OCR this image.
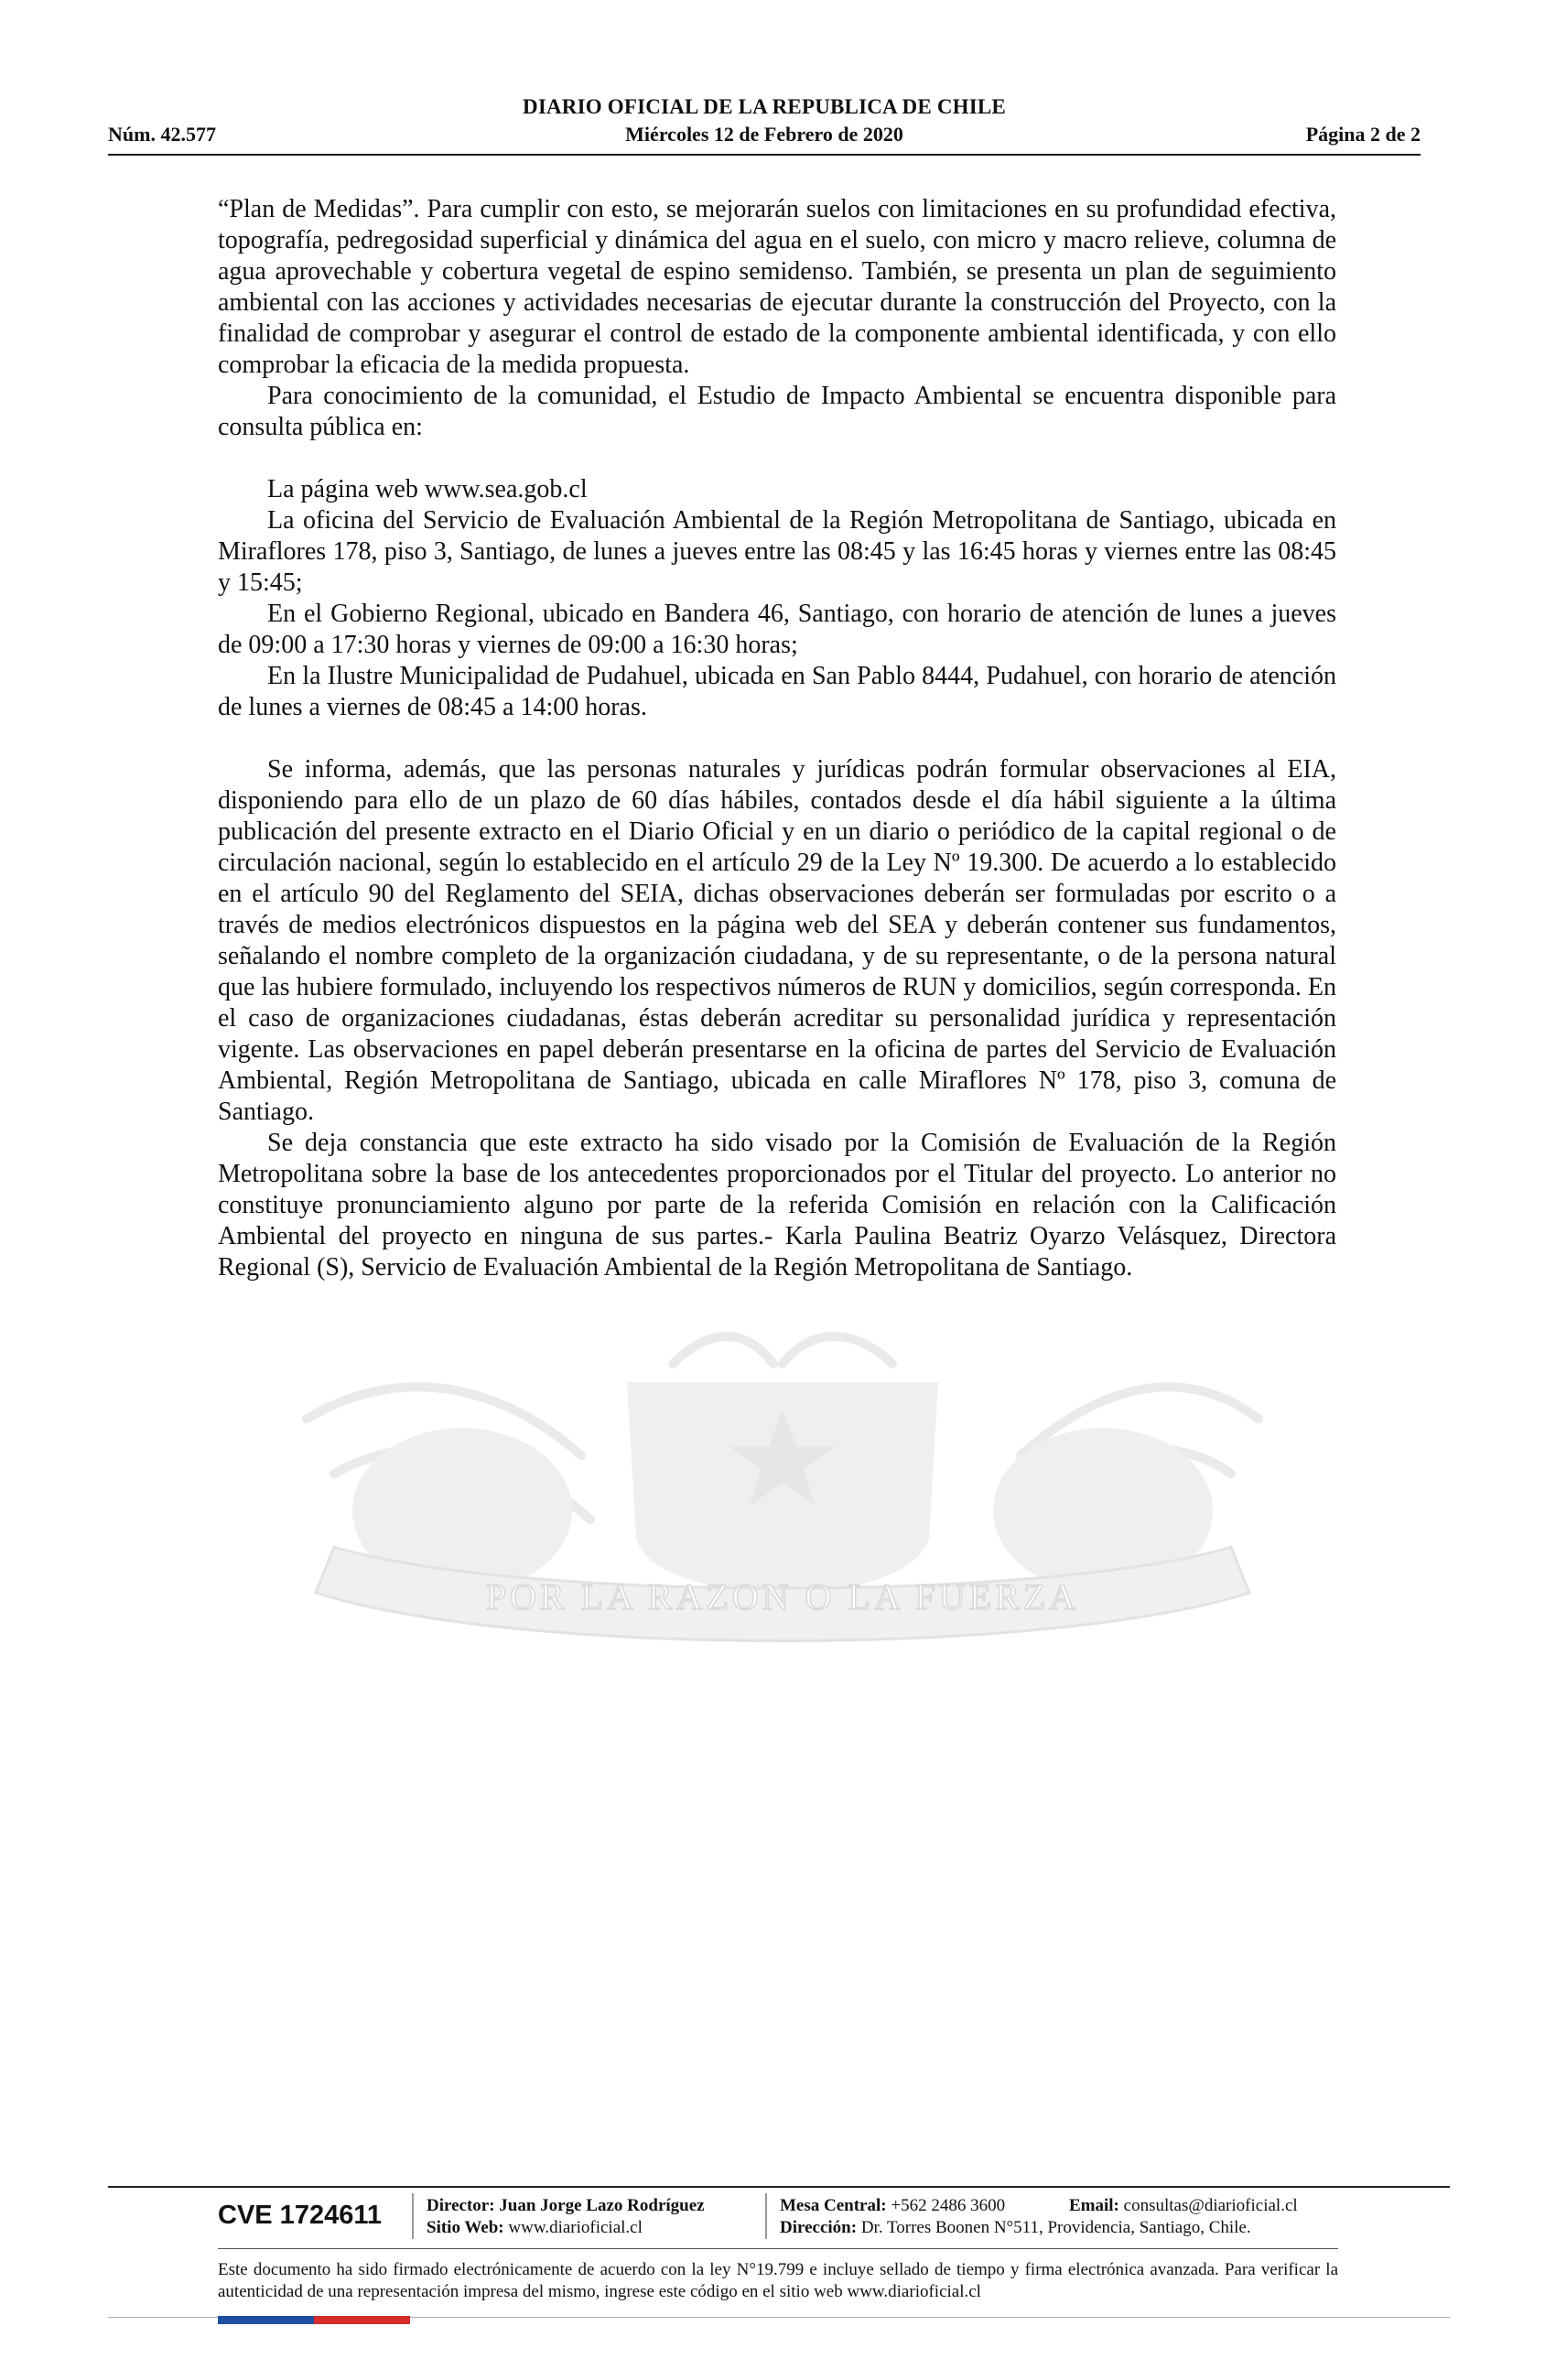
POR LA RAZON O LA FUERZA
DIARIO OFICIAL DE LA REPUBLICA DE CHILE
Núm. 42.577	Miércoles 12 de Febrero de 2020	Página 2 de 2

“Plan de Medidas”. Para cumplir con esto, se mejorarán suelos con limitaciones en su profundidad efectiva, topografía, pedregosidad superficial y dinámica del agua en el suelo, con micro y macro relieve, columna de agua aprovechable y cobertura vegetal de espino semidenso. También, se presenta un plan de seguimiento ambiental con las acciones y actividades necesarias de ejecutar durante la construcción del Proyecto, con la finalidad de comprobar y asegurar el control de estado de la componente ambiental identificada, y con ello comprobar la eficacia de la medida propuesta.

Para conocimiento de la comunidad, el Estudio de Impacto Ambiental se encuentra disponible para consulta pública en:

La página web www.sea.gob.cl

La oficina del Servicio de Evaluación Ambiental de la Región Metropolitana de Santiago, ubicada en Miraflores 178, piso 3, Santiago, de lunes a jueves entre las 08:45 y las 16:45 horas y viernes entre las 08:45 y 15:45;

En el Gobierno Regional, ubicado en Bandera 46, Santiago, con horario de atención de lunes a jueves de 09:00 a 17:30 horas y viernes de 09:00 a 16:30 horas;

En la Ilustre Municipalidad de Pudahuel, ubicada en San Pablo 8444, Pudahuel, con horario de atención de lunes a viernes de 08:45 a 14:00 horas.

Se informa, además, que las personas naturales y jurídicas podrán formular observaciones al EIA, disponiendo para ello de un plazo de 60 días hábiles, contados desde el día hábil siguiente a la última publicación del presente extracto en el Diario Oficial y en un diario o periódico de la capital regional o de circulación nacional, según lo establecido en el artículo 29 de la Ley Nº 19.300. De acuerdo a lo establecido en el artículo 90 del Reglamento del SEIA, dichas observaciones deberán ser formuladas por escrito o a través de medios electrónicos dispuestos en la página web del SEA y deberán contener sus fundamentos, señalando el nombre completo de la organización ciudadana, y de su representante, o de la persona natural que las hubiere formulado, incluyendo los respectivos números de RUN y domicilios, según corresponda. En el caso de organizaciones ciudadanas, éstas deberán acreditar su personalidad jurídica y representación vigente. Las observaciones en papel deberán presentarse en la oficina de partes del Servicio de Evaluación Ambiental, Región Metropolitana de Santiago, ubicada en calle Miraflores Nº 178, piso 3, comuna de Santiago.

Se deja constancia que este extracto ha sido visado por la Comisión de Evaluación de la Región Metropolitana sobre la base de los antecedentes proporcionados por el Titular del proyecto. Lo anterior no constituye pronunciamiento alguno por parte de la referida Comisión en relación con la Calificación Ambiental del proyecto en ninguna de sus partes.- Karla Paulina Beatriz Oyarzo Velásquez, Directora Regional (S), Servicio de Evaluación Ambiental de la Región Metropolitana de Santiago.

CVE 1724611	Director: Juan Jorge Lazo Rodríguez
Sitio Web: www.diarioficial.cl
Mesa Central: +562 2486 3600
Dirección: Dr. Torres Boonen N°511, Providencia, Santiago, Chile.
Email: consultas@diarioficial.cl
Este documento ha sido firmado electrónicamente de acuerdo con la ley N°19.799 e incluye sellado de tiempo y firma electrónica avanzada. Para verificar la autenticidad de una representación impresa del mismo, ingrese este código en el sitio web www.diarioficial.cl
